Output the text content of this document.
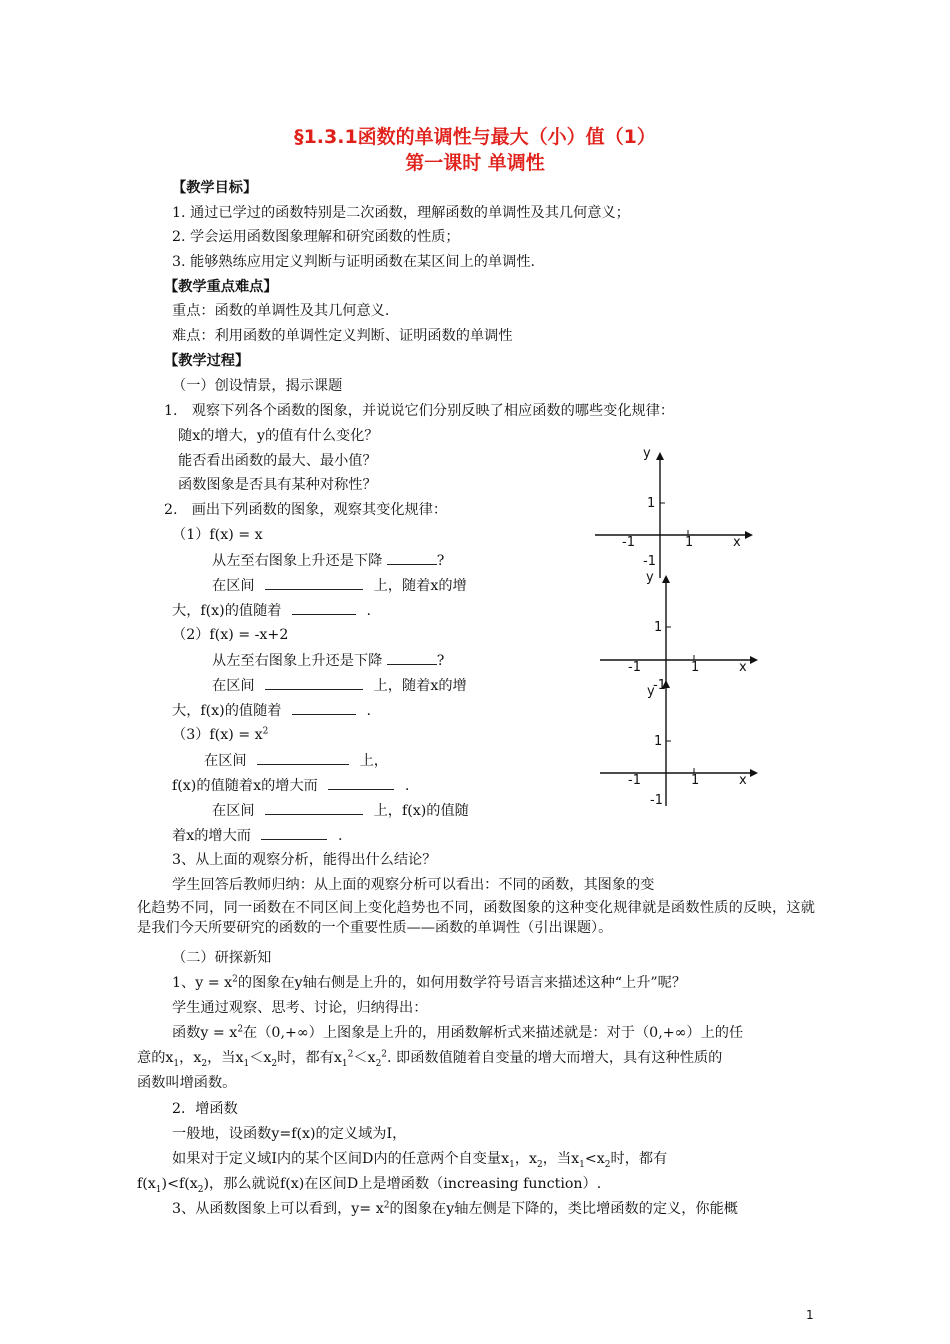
§1.3.1函数的单调性与最大（小）值（1）
第一课时 单调性
【教学目标】
1. 通过已学过的函数特别是二次函数，理解函数的单调性及其几何意义；
2. 学会运用函数图象理解和研究函数的性质；
3. 能够熟练应用定义判断与证明函数在某区间上的单调性.
【教学重点难点】
重点：函数的单调性及其几何意义.
难点：利用函数的单调性定义判断、证明函数的单调性
【教学过程】
（一）创设情景，揭示课题
1.　观察下列各个函数的图象，并说说它们分别反映了相应函数的哪些变化规律：
随x的增大，y的值有什么变化？
能否看出函数的最大、最小值？
函数图象是否具有某种对称性？
2.　画出下列函数的图象，观察其变化规律：
（1）f(x) = x
从左至右图象上升还是下降	?
在区间	上，随着x的增
大，f(x)的值随着	.
（2）f(x) = -x+2
从左至右图象上升还是下降	?
在区间	上，随着x的增
大，f(x)的值随着	.
$(3)f(x) = x^2$
在区间	上，
f(x)的值随着x的增大而	.
在区间	上，f(x)的值随
着x的增大而	.
3、从上面的观察分析，能得出什么结论？
学生回答后教师归纳：从上面的观察分析可以看出：不同的函数，其图象的变
化趋势不同，同一函数在不同区间上变化趋势也不同，函数图象的这种变化规律就是函数性质的反映，这就是我们今天所要研究的函数的一个重要性质——函数的单调性（引出课题）。
（二）研探新知
1、$y = x^2$的图象在y轴右侧是上升的，如何用数学符号语言来描述这种“上升”呢？
学生通过观察、思考、讨论，归纳得出：
函数$y = x^2$在（0,+∞）上图象是上升的，用函数解析式来描述就是：对于（0,+∞）上的任
意的$x_1$，$x_2$，当$x_1<x_2$时，都有$x_1^2<x_2^2$. 即函数值随着自变量的增大而增大，具有这种性质的
函数叫增函数。
2．增函数
一般地，设函数y=f(x)的定义域为I，
如果对于定义域I内的某个区间D内的任意两个自变量$x_1$，$x_2$，当$x_1<x_2$时，都有
$f(x_1)<f(x_2)$，那么就说f(x)在区间D上是增函数（increasing function）.
3、从函数图象上可以看到，$y= x^2$的图象在y轴左侧是下降的，类比增函数的定义，你能概
y
1
-1	1	x
-1
y
1
-1	1	x
y
-1
1
-1	1	x
-1
1
